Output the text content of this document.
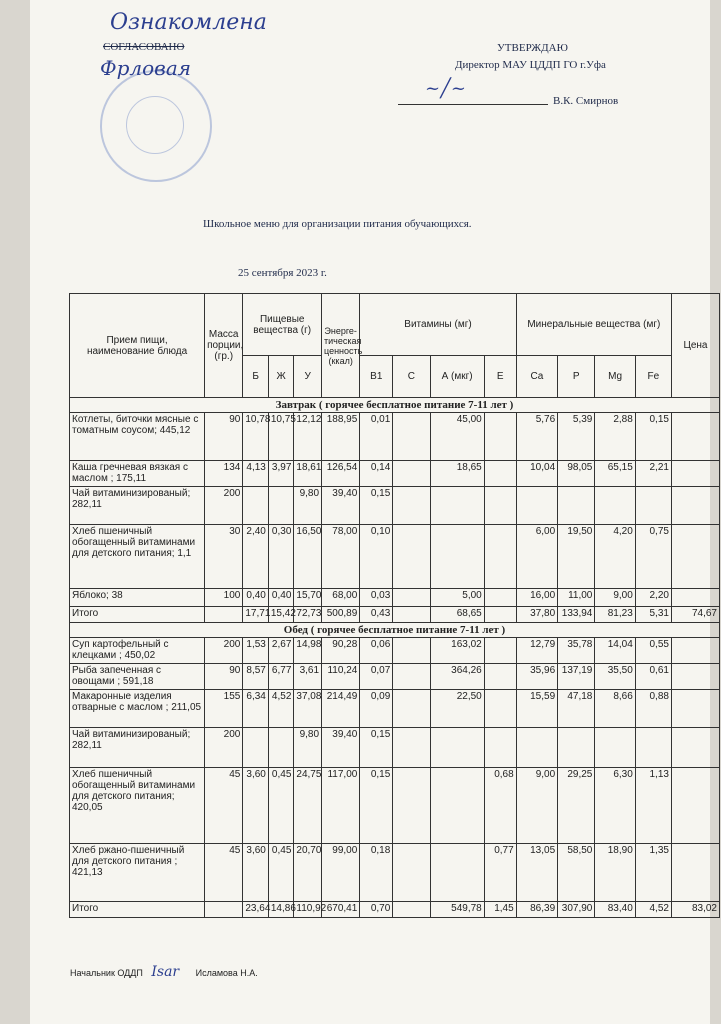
Ознакомлена
СОГЛАСОВАНО
Фрловая
УТВЕРЖДАЮ
Директор МАУ ЦДДП ГО г.Уфа
~╱~
В.К. Смирнов
Школьное меню для организации питания обучающихся.
25 сентября 2023 г.
Прием пищи, наименование блюда	Масса порции, (гр.)	Пищевые вещества (г)			Энерге-тическая ценность (ккал)	Витамины (мг)				Минеральные вещества (мг)				Цена
		Б	Ж	У		В1	С	А (мкг)	Е	Ca	P	Mg	Fe	
Завтрак ( горячее бесплатное питание 7-11 лет )														
Котлеты, биточки мясные с томатным соусом; 445,12	90	10,78	10,75	12,12	188,95	0,01		45,00		5,76	5,39	2,88	0,15	
Каша гречневая вязкая с маслом ; 175,11	134	4,13	3,97	18,61	126,54	0,14		18,65		10,04	98,05	65,15	2,21	
Чай витаминизированый; 282,11	200			9,80	39,40	0,15								
Хлеб пшеничный обогащенный витаминами для детского питания; 1,1	30	2,40	0,30	16,50	78,00	0,10				6,00	19,50	4,20	0,75	
Яблоко; 38	100	0,40	0,40	15,70	68,00	0,03		5,00		16,00	11,00	9,00	2,20	
Итого		17,71	15,42	72,73	500,89	0,43		68,65		37,80	133,94	81,23	5,31	74,67
Обед ( горячее бесплатное питание 7-11 лет )														
Суп картофельный с клецками ; 450,02	200	1,53	2,67	14,98	90,28	0,06		163,02		12,79	35,78	14,04	0,55	
Рыба запеченная с овощами ; 591,18	90	8,57	6,77	3,61	110,24	0,07		364,26		35,96	137,19	35,50	0,61	
Макаронные изделия отварные с маслом ; 211,05	155	6,34	4,52	37,08	214,49	0,09		22,50		15,59	47,18	8,66	0,88	
Чай витаминизированый; 282,11	200			9,80	39,40	0,15								
Хлеб пшеничный обогащенный витаминами для детского питания; 420,05	45	3,60	0,45	24,75	117,00	0,15			0,68	9,00	29,25	6,30	1,13	
Хлеб ржано-пшеничный для детского питания ; 421,13	45	3,60	0,45	20,70	99,00	0,18			0,77	13,05	58,50	18,90	1,35	
Итого		23,64	14,86	110,92	670,41	0,70		549,78	1,45	86,39	307,90	83,40	4,52	83,02
Начальник ОДДП Isar Исламова Н.А.
